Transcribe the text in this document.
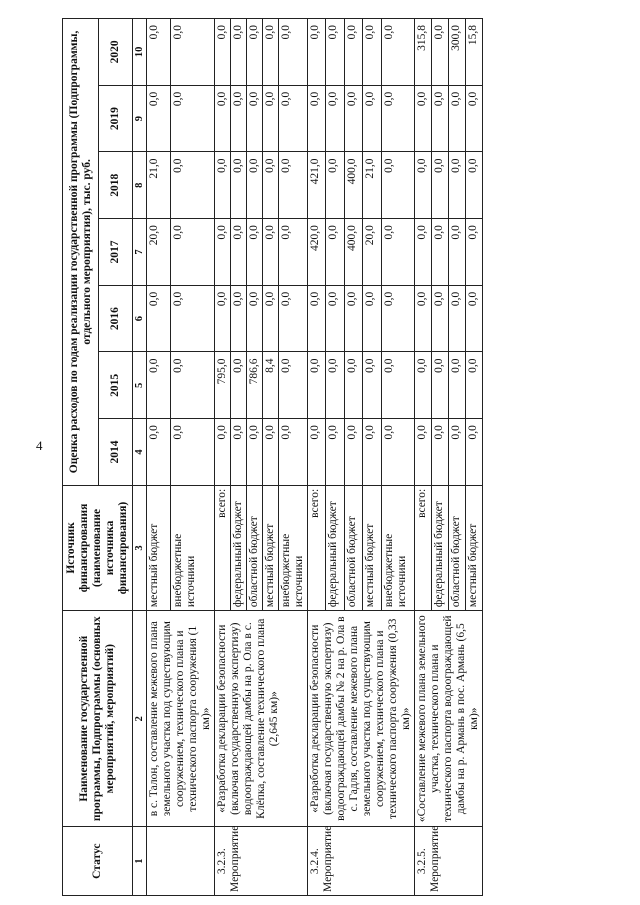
4
Статус	Наименование государственной программы, Подпрограммы (основных мероприятий, мероприятий)	Источник финансирования (наименование источника финансирования)	Оценка расходов по годам реализации государственной программы (Подпрограммы, отдельного мероприятия), тыс. руб.						
			2014	2015	2016	2017	2018	2019	2020
1	2	3	4	5	6	7	8	9	10
	в с. Талон, составление межевого плана земельного участка под существующим сооружением, технического плана и технического паспорта сооружения (1 км)»	местный бюджет	0,0	0,0	0,0	20,0	21,0	0,0	0,0
		внебюджетные источники	0,0	0,0	0,0	0,0	0,0	0,0	0,0
3.2.3. Мероприятие	«Разработка декларации безопасности (включая государственную экспертизу) водоограждающей дамбы на р. Ола в с. Клёпка, составление технического плана (2,645 км)»	всего:	0,0	795,0	0,0	0,0	0,0	0,0	0,0
		федеральный бюджет	0,0	0,0	0,0	0,0	0,0	0,0	0,0
		областной бюджет	0,0	786,6	0,0	0,0	0,0	0,0	0,0
		местный бюджет	0,0	8,4	0,0	0,0	0,0	0,0	0,0
		внебюджетные источники	0,0	0,0	0,0	0,0	0,0	0,0	0,0
3.2.4. Мероприятие	«Разработка декларации безопасности (включая государственную экспертизу) водоограждающей дамбы № 2 на р. Ола в с. Гадля, составление межевого плана земельного участка под существующим сооружением, технического плана и технического паспорта сооружения (0,33 км)»	всего:	0,0	0,0	0,0	420,0	421,0	0,0	0,0
		федеральный бюджет	0,0	0,0	0,0	0,0	0,0	0,0	0,0
		областной бюджет	0,0	0,0	0,0	400,0	400,0	0,0	0,0
		местный бюджет	0,0	0,0	0,0	20,0	21,0	0,0	0,0
		внебюджетные источники	0,0	0,0	0,0	0,0	0,0	0,0	0,0
3.2.5. Мероприятие	«Составление межевого плана земельного участка, технического плана и технического паспорта водоограждающей дамбы на р. Армань в пос. Армань (6,5 км)»	всего:	0,0	0,0	0,0	0,0	0,0	0,0	315,8
		федеральный бюджет	0,0	0,0	0,0	0,0	0,0	0,0	0,0
		областной бюджет	0,0	0,0	0,0	0,0	0,0	0,0	300,0
		местный бюджет	0,0	0,0	0,0	0,0	0,0	0,0	15,8
